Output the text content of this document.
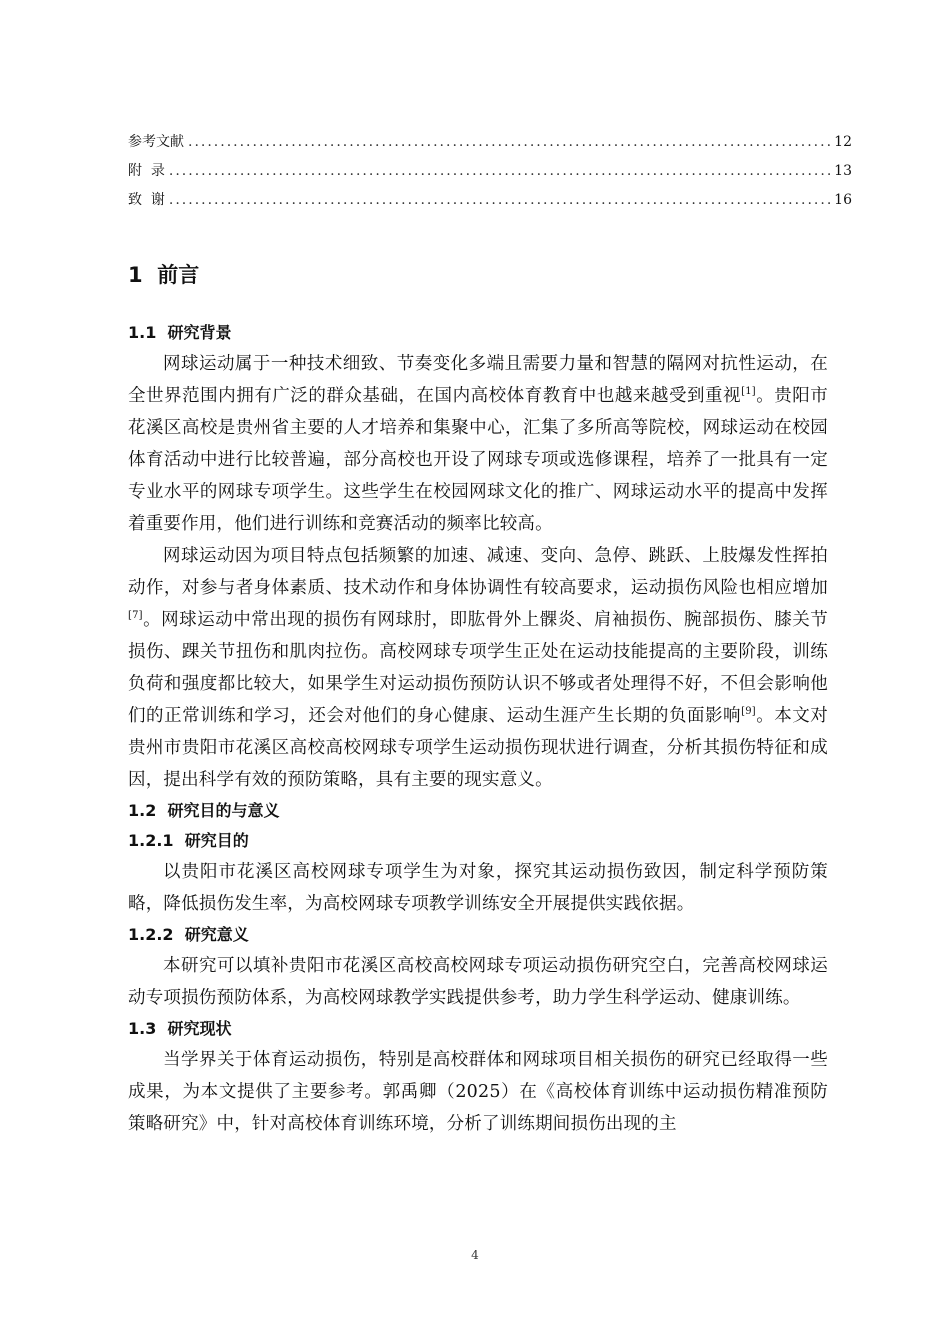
参考文献 .....	12
附  录 .....	13
致  谢 .....	16
1  前言
1.1  研究背景

网球运动属于一种技术细致、节奏变化多端且需要力量和智慧的隔网对抗性运动，在全世界范围内拥有广泛的群众基础，在国内高校体育教育中也越来越受到重视[1]。贵阳市花溪区高校是贵州省主要的人才培养和集聚中心，汇集了多所高等院校，网球运动在校园体育活动中进行比较普遍，部分高校也开设了网球专项或选修课程，培养了一批具有一定专业水平的网球专项学生。这些学生在校园网球文化的推广、网球运动水平的提高中发挥着重要作用，他们进行训练和竞赛活动的频率比较高。

网球运动因为项目特点包括频繁的加速、减速、变向、急停、跳跃、上肢爆发性挥拍动作，对参与者身体素质、技术动作和身体协调性有较高要求，运动损伤风险也相应增加[7]。网球运动中常出现的损伤有网球肘，即肱骨外上髁炎、肩袖损伤、腕部损伤、膝关节损伤、踝关节扭伤和肌肉拉伤。高校网球专项学生正处在运动技能提高的主要阶段，训练负荷和强度都比较大，如果学生对运动损伤预防认识不够或者处理得不好，不但会影响他们的正常训练和学习，还会对他们的身心健康、运动生涯产生长期的负面影响[9]。本文对贵州市贵阳市花溪区高校高校网球专项学生运动损伤现状进行调查，分析其损伤特征和成因，提出科学有效的预防策略，具有主要的现实意义。

1.2  研究目的与意义
1.2.1  研究目的

以贵阳市花溪区高校网球专项学生为对象，探究其运动损伤致因，制定科学预防策略，降低损伤发生率，为高校网球专项教学训练安全开展提供实践依据。

1.2.2  研究意义

本研究可以填补贵阳市花溪区高校高校网球专项运动损伤研究空白，完善高校网球运动专项损伤预防体系，为高校网球教学实践提供参考，助力学生科学运动、健康训练。

1.3  研究现状

当学界关于体育运动损伤，特别是高校群体和网球项目相关损伤的研究已经取得一些成果，为本文提供了主要参考。郭禹卿（2025）在《高校体育训练中运动损伤精准预防策略研究》中，针对高校体育训练环境，分析了训练期间损伤出现的主

4
